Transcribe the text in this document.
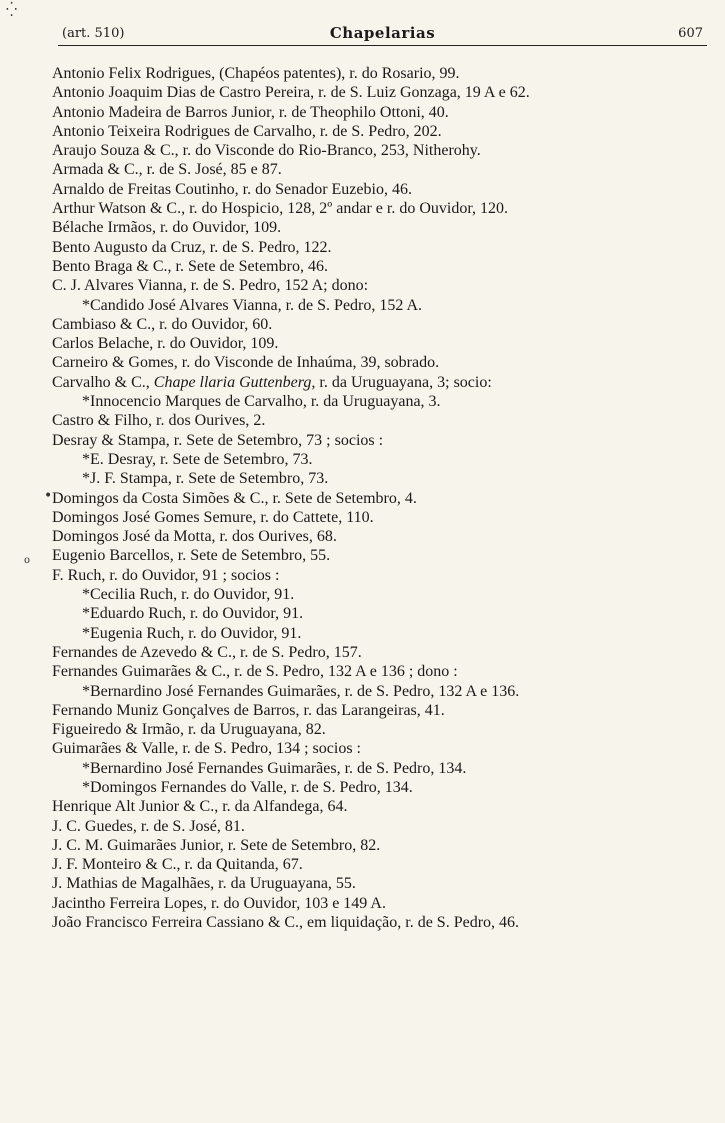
(art. 510)	Chapelarias	607

Antonio Felix Rodrigues, (Chapéos patentes), r. do Rosario, 99.

Antonio Joaquim Dias de Castro Pereira, r. de S. Luiz Gonzaga, 19 A e 62.

Antonio Madeira de Barros Junior, r. de Theophilo Ottoni, 40.

Antonio Teixeira Rodrigues de Carvalho, r. de S. Pedro, 202.

Araujo Souza & C., r. do Visconde do Rio-Branco, 253, Nitherohy.

Armada & C., r. de S. José, 85 e 87.

Arnaldo de Freitas Coutinho, r. do Senador Euzebio, 46.

Arthur Watson & C., r. do Hospicio, 128, 2º andar e r. do Ouvidor, 120.

Bélache Irmãos, r. do Ouvidor, 109.

Bento Augusto da Cruz, r. de S. Pedro, 122.

Bento Braga & C., r. Sete de Setembro, 46.

C. J. Alvares Vianna, r. de S. Pedro, 152 A; dono:

*Candido José Alvares Vianna, r. de S. Pedro, 152 A.

Cambiaso & C., r. do Ouvidor, 60.

Carlos Belache, r. do Ouvidor, 109.

Carneiro & Gomes, r. do Visconde de Inhaúma, 39, sobrado.

Carvalho & C., Chape llaria Guttenberg, r. da Uruguayana, 3; socio:

*Innocencio Marques de Carvalho, r. da Uruguayana, 3.

Castro & Filho, r. dos Ourives, 2.

Desray & Stampa, r. Sete de Setembro, 73 ; socios :

*E. Desray, r. Sete de Setembro, 73.

*J. F. Stampa, r. Sete de Setembro, 73.

Domingos da Costa Simões & C., r. Sete de Setembro, 4.

Domingos José Gomes Semure, r. do Cattete, 110.

Domingos José da Motta, r. dos Ourives, 68.

Eugenio Barcellos, r. Sete de Setembro, 55.

F. Ruch, r. do Ouvidor, 91 ; socios :

*Cecilia Ruch, r. do Ouvidor, 91.

*Eduardo Ruch, r. do Ouvidor, 91.

*Eugenia Ruch, r. do Ouvidor, 91.

Fernandes de Azevedo & C., r. de S. Pedro, 157.

Fernandes Guimarães & C., r. de S. Pedro, 132 A e 136 ; dono :

*Bernardino José Fernandes Guimarães, r. de S. Pedro, 132 A e 136.

Fernando Muniz Gonçalves de Barros, r. das Larangeiras, 41.

Figueiredo & Irmão, r. da Uruguayana, 82.

Guimarães & Valle, r. de S. Pedro, 134 ; socios :

*Bernardino José Fernandes Guimarães, r. de S. Pedro, 134.

*Domingos Fernandes do Valle, r. de S. Pedro, 134.

Henrique Alt Junior & C., r. da Alfandega, 64.

J. C. Guedes, r. de S. José, 81.

J. C. M. Guimarães Junior, r. Sete de Setembro, 82.

J. F. Monteiro & C., r. da Quitanda, 67.

J. Mathias de Magalhães, r. da Uruguayana, 55.

Jacintho Ferreira Lopes, r. do Ouvidor, 103 e 149 A.

João Francisco Ferreira Cassiano & C., em liquidação, r. de S. Pedro, 46.

⁛
•
o
